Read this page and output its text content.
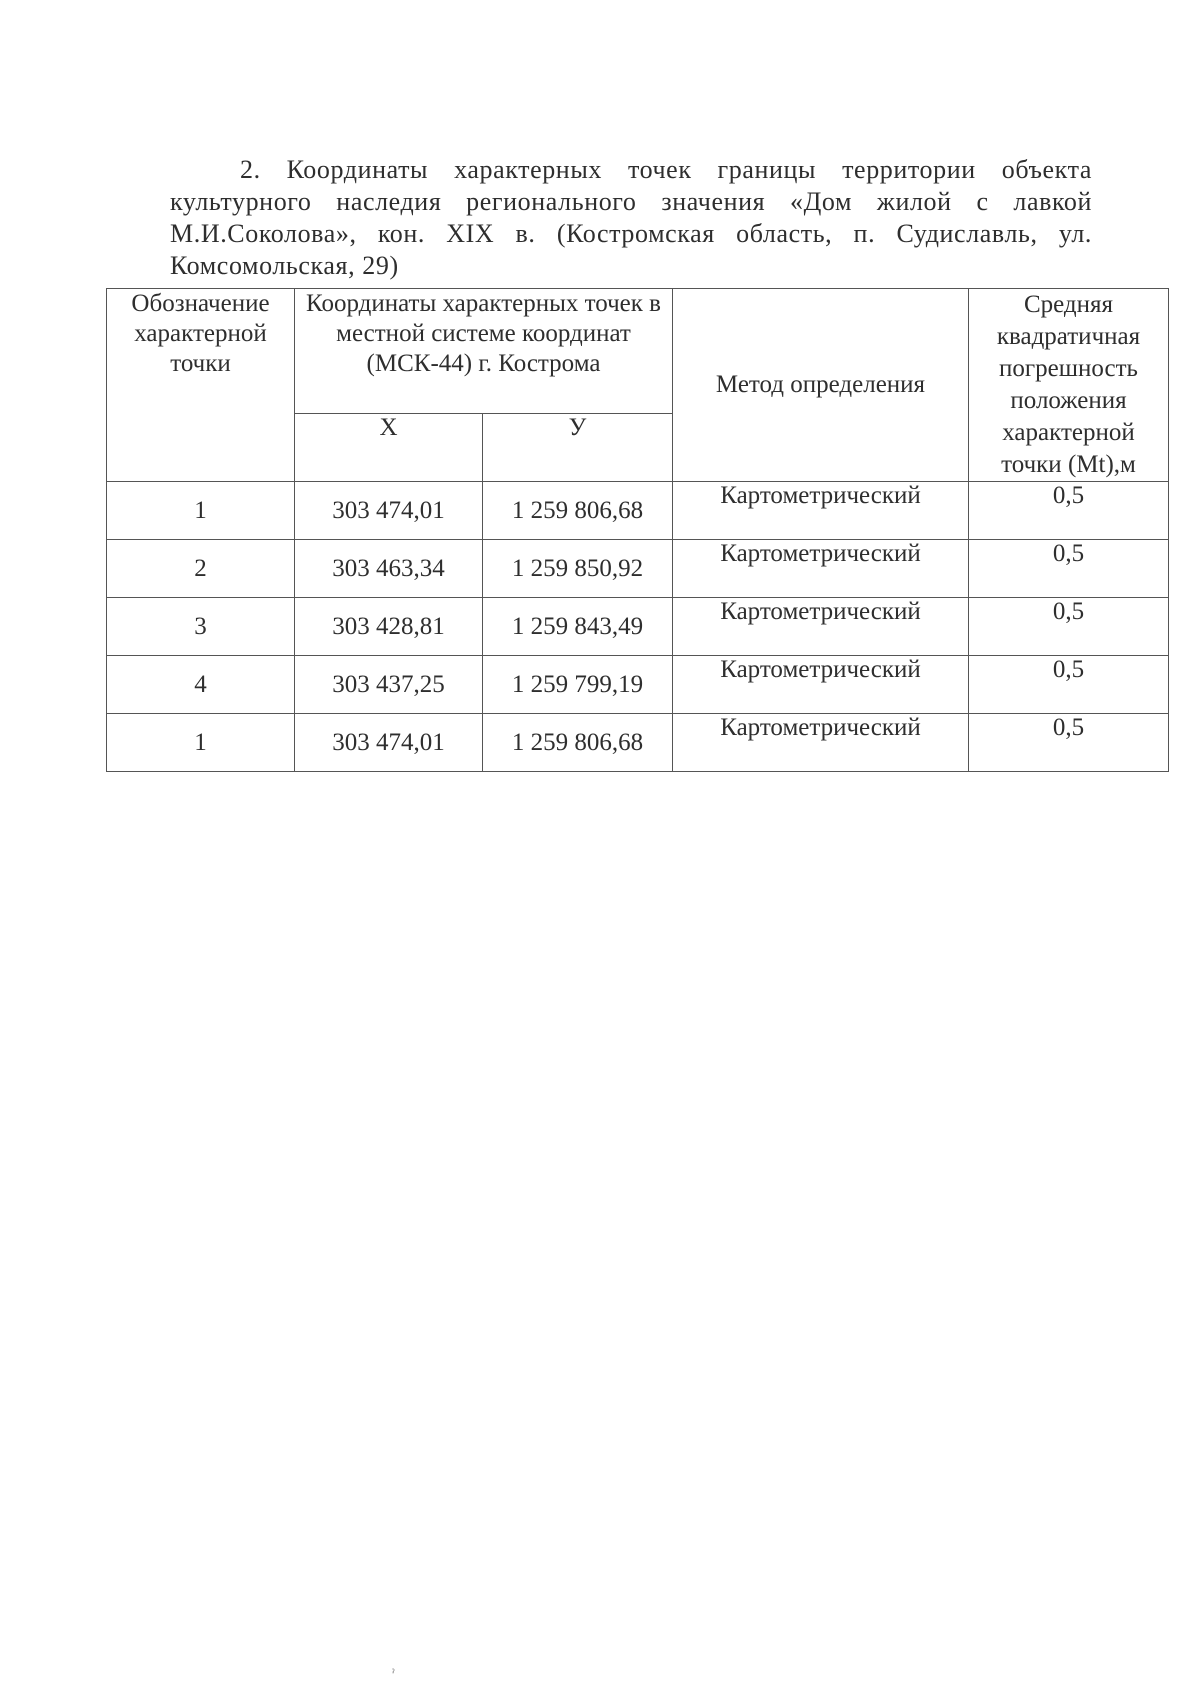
2. Координаты характерных точек границы территории объекта культурного наследия регионального значения «Дом жилой с лавкой М.И.Соколова», кон. XIX в. (Костромская область, п. Судиславль, ул. Комсомольская, 29)

Обозначение характерной точки	Координаты характерных точек в местной системе координат (МСК-44) г. Кострома		Метод определения	Средняя квадратичная погрешность положения характерной точки (Mt),м
	Х	У		
1	303 474,01	1 259 806,68	Картометрический	0,5
2	303 463,34	1 259 850,92	Картометрический	0,5
3	303 428,81	1 259 843,49	Картометрический	0,5
4	303 437,25	1 259 799,19	Картометрический	0,5
1	303 474,01	1 259 806,68	Картометрический	0,5
ˀ
